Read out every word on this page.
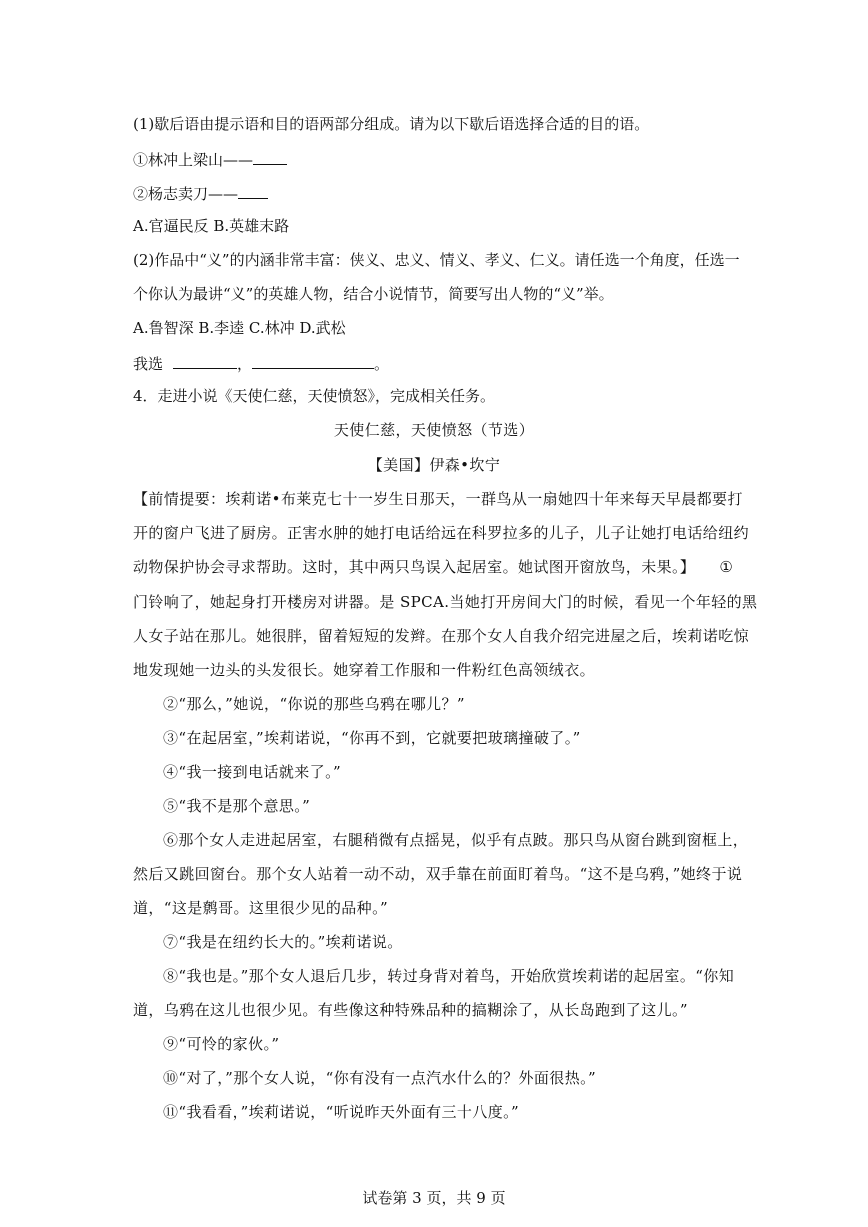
(1)歇后语由提示语和目的语两部分组成。请为以下歇后语选择合适的目的语。
①林冲上梁山——
②杨志卖刀——
A.官逼民反 B.英雄末路
(2)作品中“义”的内涵非常丰富：侠义、忠义、情义、孝义、仁义。请任选一个角度，任选一
个你认为最讲“义”的英雄人物，结合小说情节，简要写出人物的“义”举。
A.鲁智深 B.李逵 C.林冲 D.武松
我选	，	。
4．走进小说《天使仁慈，天使愤怒》，完成相关任务。
天使仁慈，天使愤怒（节选）
【美国】伊森•坎宁
【前情提要：埃莉诺•布莱克七十一岁生日那天，一群鸟从一扇她四十年来每天早晨都要打
开的窗户飞进了厨房。正害水肿的她打电话给远在科罗拉多的儿子，儿子让她打电话给纽约
动物保护协会寻求帮助。这时，其中两只鸟误入起居室。她试图开窗放鸟，未果。】 ①
门铃响了，她起身打开楼房对讲器。是 SPCA.当她打开房间大门的时候，看见一个年轻的黑
人女子站在那儿。她很胖，留着短短的发辫。在那个女人自我介绍完进屋之后，埃莉诺吃惊
地发现她一边头的头发很长。她穿着工作服和一件粉红色高领绒衣。
②“那么，”她说，“你说的那些乌鸦在哪儿？”
③“在起居室，”埃莉诺说，“你再不到，它就要把玻璃撞破了。”
④“我一接到电话就来了。”
⑤“我不是那个意思。”
⑥那个女人走进起居室，右腿稍微有点摇晃，似乎有点跛。那只鸟从窗台跳到窗框上，
然后又跳回窗台。那个女人站着一动不动，双手靠在前面盯着鸟。“这不是乌鸦，”她终于说
道，“这是鹩哥。这里很少见的品种。”
⑦“我是在纽约长大的。”埃莉诺说。
⑧“我也是。”那个女人退后几步，转过身背对着鸟，开始欣赏埃莉诺的起居室。“你知
道，乌鸦在这儿也很少见。有些像这种特殊品种的搞糊涂了，从长岛跑到了这儿。”
⑨“可怜的家伙。”
⑩“对了，”那个女人说，“你有没有一点汽水什么的？外面很热。”
⑪“我看看，”埃莉诺说，“听说昨天外面有三十八度。”
试卷第 3 页，共 9 页
